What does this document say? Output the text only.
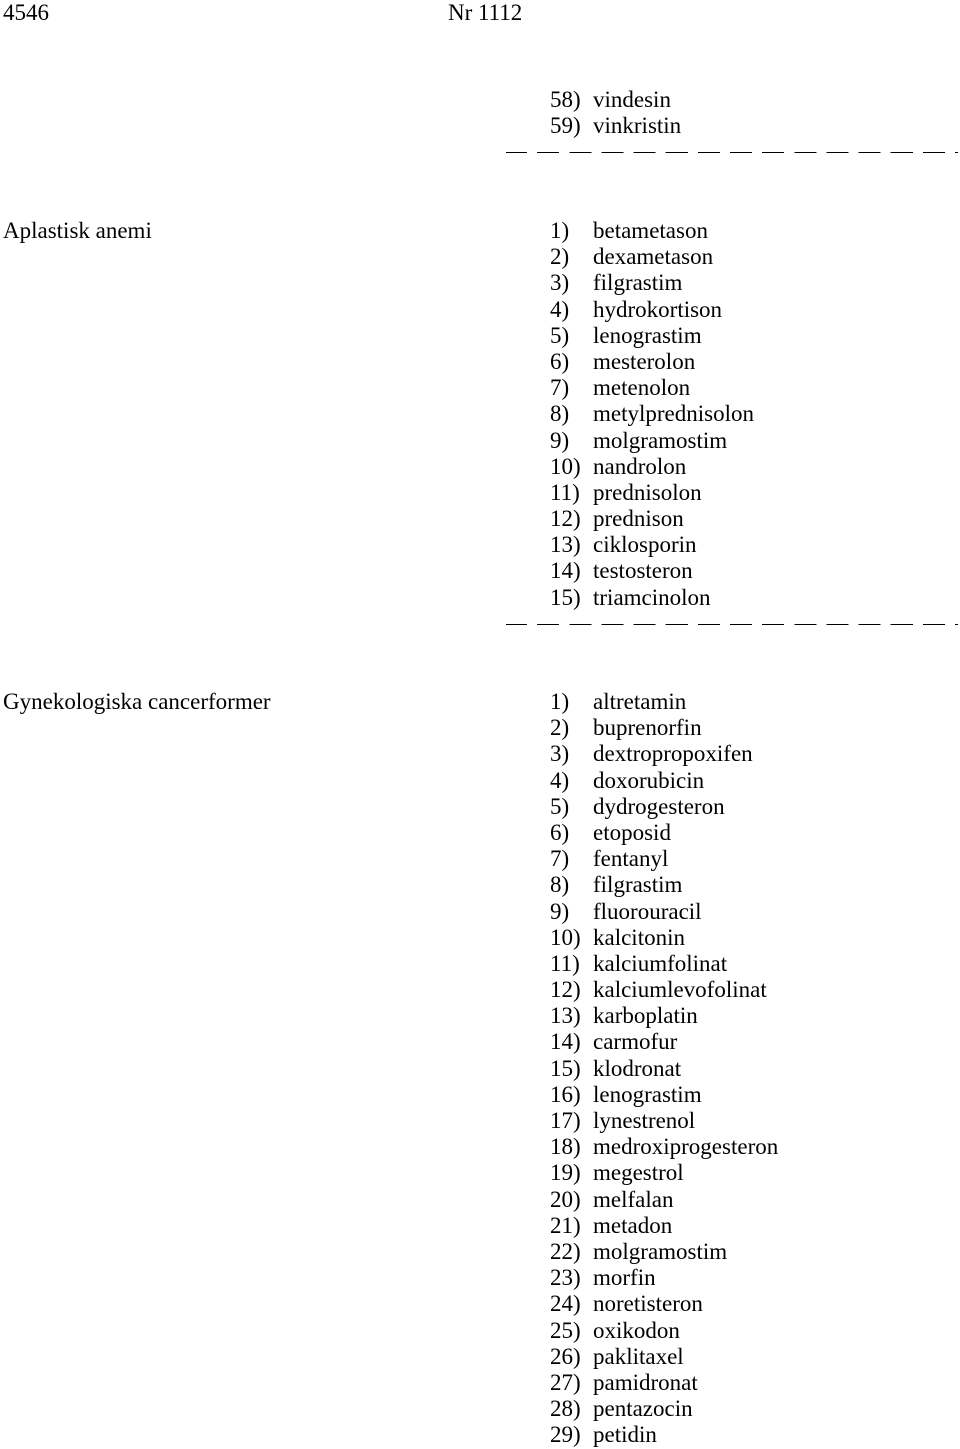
4546	Nr 1112
58) vindesin
59) vinkristin
Aplastisk anemi	1)	betametason
2)	dexametason
3)	filgrastim
4)	hydrokortison
5)	lenograstim
6)	mesterolon
7)	metenolon
8)	metylprednisolon
9)	molgramostim
10) nandrolon
11) prednisolon
12) prednison
13) ciklosporin
14) testosteron
15) triamcinolon
Gynekologiska cancerformer	1)	altretamin
2)	buprenorfin
3)	dextropropoxifen
4)	doxorubicin
5)	dydrogesteron
6)	etoposid
7)	fentanyl
8)	filgrastim
9)	fluorouracil
10) kalcitonin
11) kalciumfolinat
12) kalciumlevofolinat
13) karboplatin
14) carmofur
15) klodronat
16) lenograstim
17) lynestrenol
18) medroxiprogesteron
19) megestrol
20) melfalan
21) metadon
22) molgramostim
23) morfin
24) noretisteron
25) oxikodon
26) paklitaxel
27) pamidronat
28) pentazocin
29) petidin
